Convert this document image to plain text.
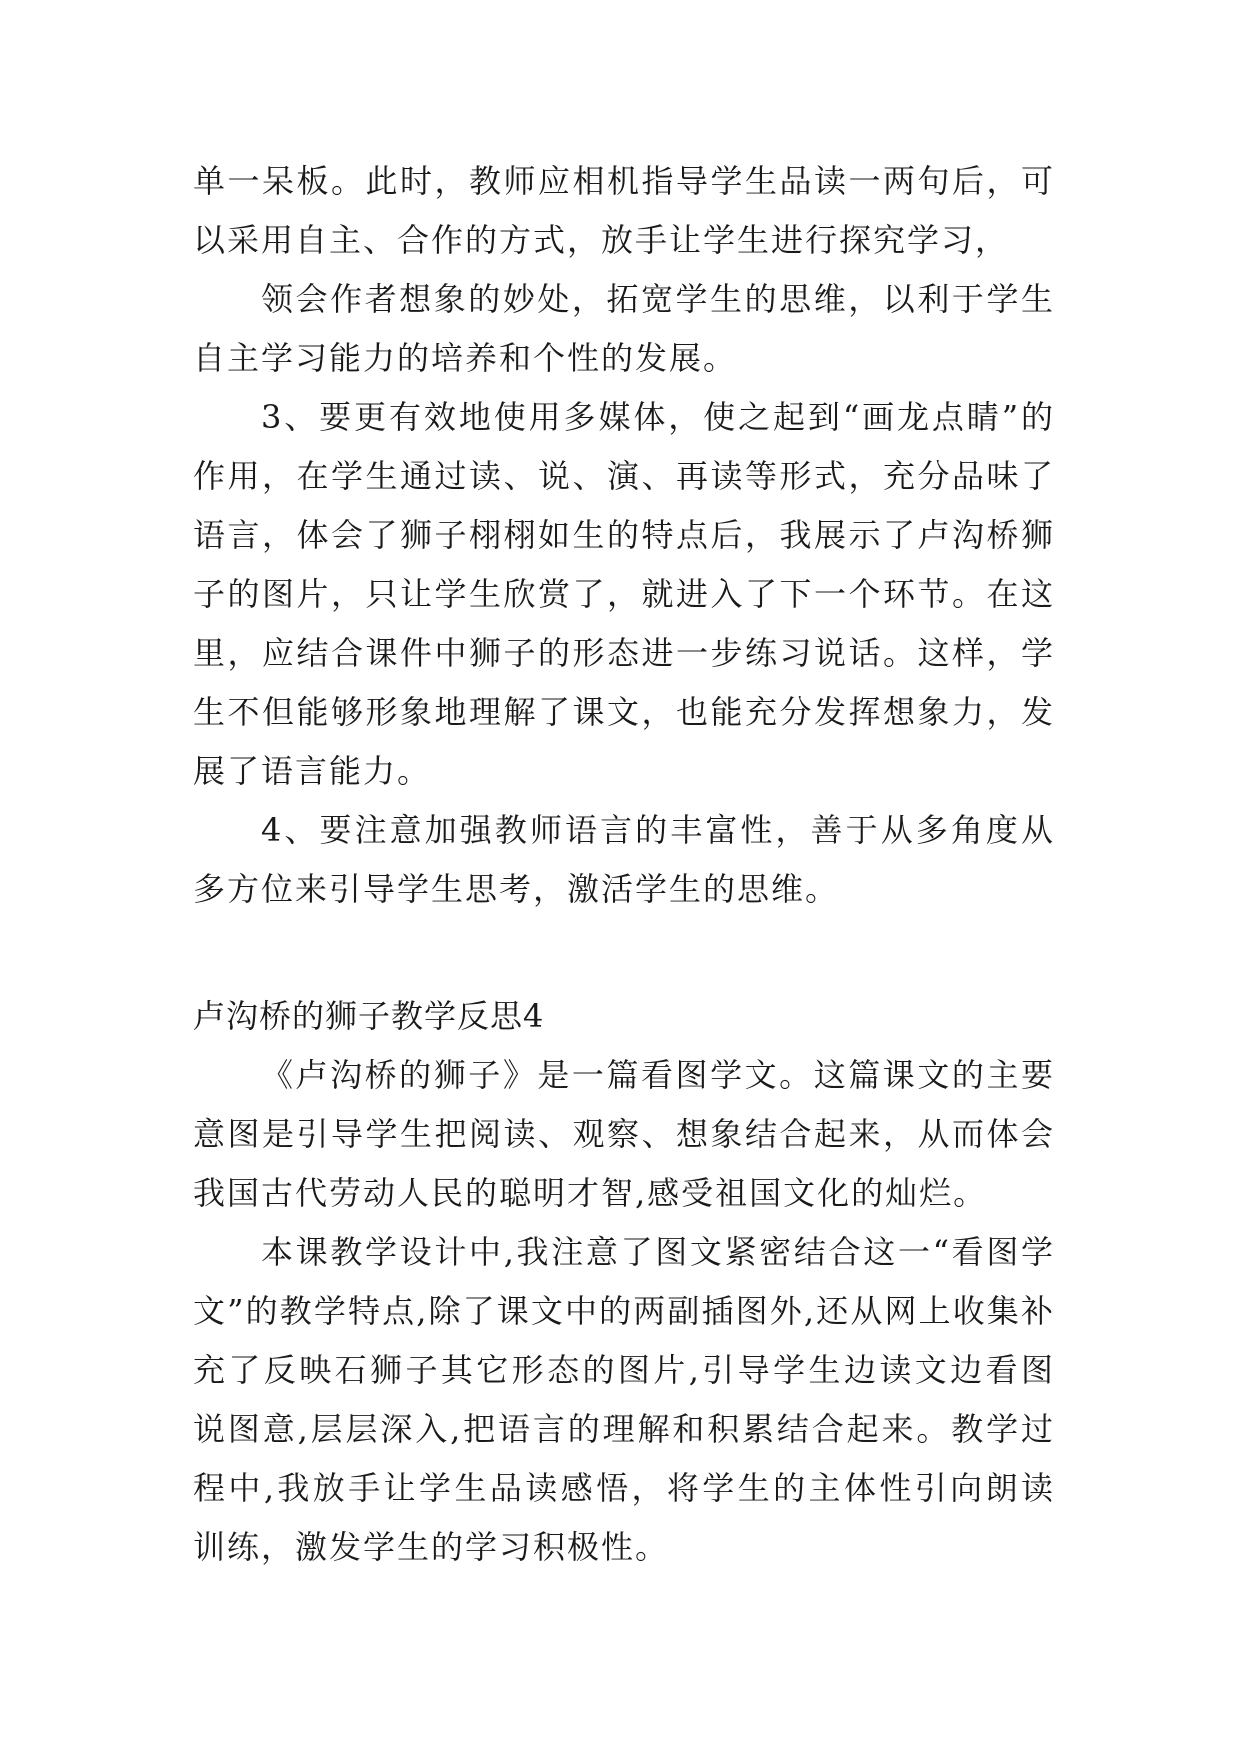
单一呆板。此时，教师应相机指导学生品读一两句后，可以采用自主、合作的方式，放手让学生进行探究学习，

领会作者想象的妙处，拓宽学生的思维，以利于学生自主学习能力的培养和个性的发展。

3、要更有效地使用多媒体，使之起到“画龙点睛”的作用，在学生通过读、说、演、再读等形式，充分品味了语言，体会了狮子栩栩如生的特点后，我展示了卢沟桥狮子的图片，只让学生欣赏了，就进入了下一个环节。在这里，应结合课件中狮子的形态进一步练习说话。这样，学生不但能够形象地理解了课文，也能充分发挥想象力，发展了语言能力。

4、要注意加强教师语言的丰富性，善于从多角度从多方位来引导学生思考，激活学生的思维。

卢沟桥的狮子教学反思4

《卢沟桥的狮子》是一篇看图学文。这篇课文的主要意图是引导学生把阅读、观察、想象结合起来，从而体会我国古代劳动人民的聪明才智,感受祖国文化的灿烂。

本课教学设计中,我注意了图文紧密结合这一“看图学文”的教学特点,除了课文中的两副插图外,还从网上收集补充了反映石狮子其它形态的图片,引导学生边读文边看图说图意,层层深入,把语言的理解和积累结合起来。教学过程中,我放手让学生品读感悟，将学生的主体性引向朗读训练，激发学生的学习积极性。
